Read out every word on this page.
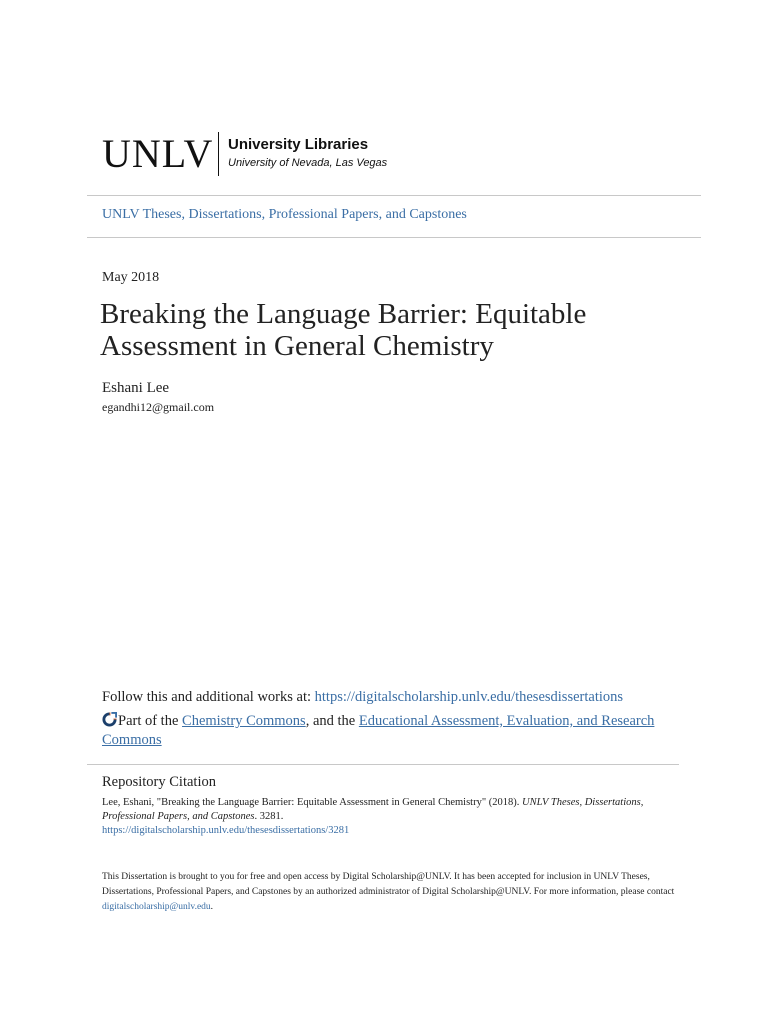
UNLV University Libraries
University of Nevada, Las Vegas
UNLV Theses, Dissertations, Professional Papers, and Capstones
May 2018
Breaking the Language Barrier: Equitable Assessment in General Chemistry
Eshani Lee
egandhi12@gmail.com
Follow this and additional works at: https://digitalscholarship.unlv.edu/thesesdissertations
Part of the Chemistry Commons, and the Educational Assessment, Evaluation, and Research Commons
Repository Citation
Lee, Eshani, "Breaking the Language Barrier: Equitable Assessment in General Chemistry" (2018). UNLV Theses, Dissertations, Professional Papers, and Capstones. 3281.
https://digitalscholarship.unlv.edu/thesesdissertations/3281
This Dissertation is brought to you for free and open access by Digital Scholarship@UNLV. It has been accepted for inclusion in UNLV Theses, Dissertations, Professional Papers, and Capstones by an authorized administrator of Digital Scholarship@UNLV. For more information, please contact digitalscholarship@unlv.edu.
